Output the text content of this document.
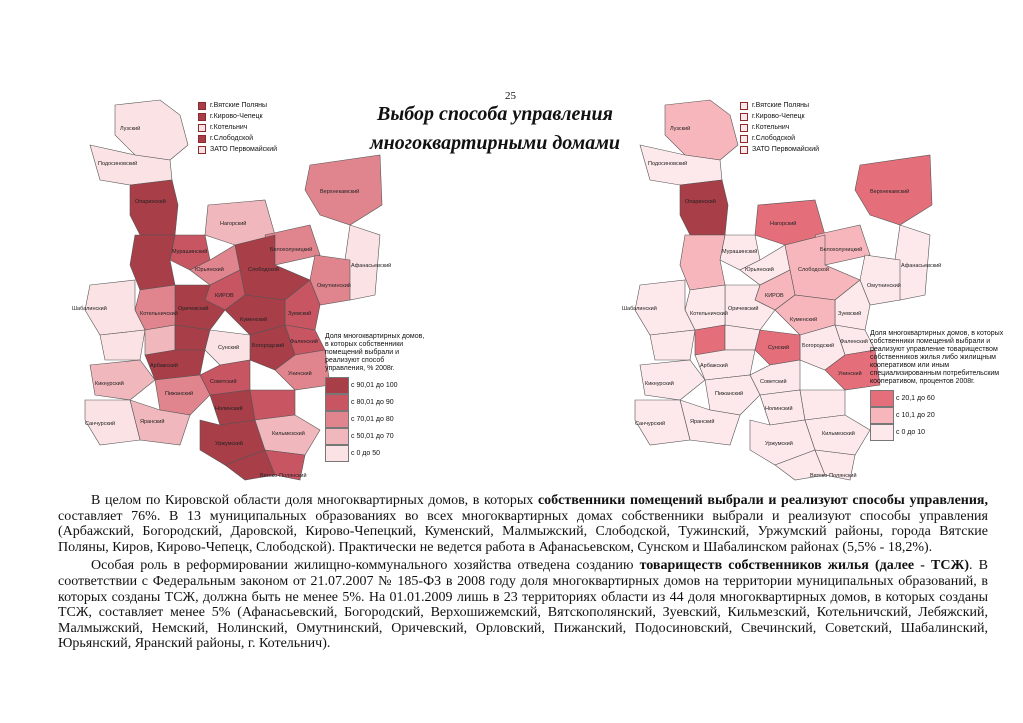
25
Выбор способа управления
многоквартирными домами
Лузский
Подосиновский
Опаринский
Верхнекамский
Нагорский
Мурашинский	Белохолуницкий
Афанасьевский
Омутнинский
Юрьянский	Слободской
КИРОВ
Зуевский
Фаленский
Куменский
Оричевский
Котельничский
Шабалинский
Богородский
Сунский
Арбажский
Унинский
Советский
Пижанский
Кикнурский
Яранский
Санчурский
Нолинский
Уржумский
Кильмезский
Вятско-Полянский
г.Вятские Поляны
г.Кирово-Чепецк
г.Котельнич
г.Слободской
ЗАТО Первомайский
Доля многоквартирных домов, в которых собственники помещений выбрали и реализуют способ управления, % 2008г.
с 90,01 до 100
с 80,01 до 90
с 70,01 до 80
с 50,01 до 70
с 0 до 50
Лузский
Подосиновский
Опаринский
Верхнекамский
Нагорский
Мурашинский	Белохолуницкий
Афанасьевский
Омутнинский
Юрьянский	Слободской
КИРОВ
Зуевский
Фаленский
Куменский
Оричевский
Котельничский
Шабалинский
Богородский
Сунский
Арбажский
Унинский
Советский
Пижанский
Кикнурский
Яранский
Санчурский
Нолинский
Уржумский
Кильмезский
Вятско-Полянский
г.Вятские Поляны
г.Кирово-Чепецк
г.Котельнич
г.Слободской
ЗАТО Первомайский
Доля многоквартирных домов, в которых собственники помещений выбрали и реализуют управление товариществом собственников жилья либо жилищным кооперативом или иным специализированным потребительским кооперативом, процентов 2008г.
с 20,1 до 60
с 10,1 до 20
с 0 до 10

В целом по Кировской области доля многоквартирных домов, в которых собственники помещений выбрали и реализуют способы управления, составляет 76%. В 13 муниципальных образованиях во всех многоквартирных домах собственники выбрали и реализуют способы управления (Арбажский, Богородский, Даровской, Кирово-Чепецкий, Куменский, Малмыжский, Слободской, Тужинский, Уржумский районы, города Вятские Поляны, Киров, Кирово-Чепецк, Слободской). Практически не ведется работа в Афанасьевском, Сунском и Шабалинском районах (5,5% - 18,2%).

Особая роль в реформировании жилищно-коммунального хозяйства отведена созданию товариществ собственников жилья (далее - ТСЖ). В соответствии с Федеральным законом от 21.07.2007 № 185-ФЗ в 2008 году доля многоквартирных домов на территории муниципальных образований, в которых созданы ТСЖ, должна быть не менее 5%. На 01.01.2009 лишь в 23 территориях области из 44 доля многоквартирных домов, в которых созданы ТСЖ, составляет менее 5% (Афанасьевский, Богородский, Верхошижемский, Вятскополянский, Зуевский, Кильмезский, Котельничский, Лебяжский, Малмыжский, Немский, Нолинский, Омутнинский, Оричевский, Орловский, Пижанский, Подосиновский, Свечинский, Советский, Шабалинский, Юрьянский, Яранский районы, г. Котельнич).
